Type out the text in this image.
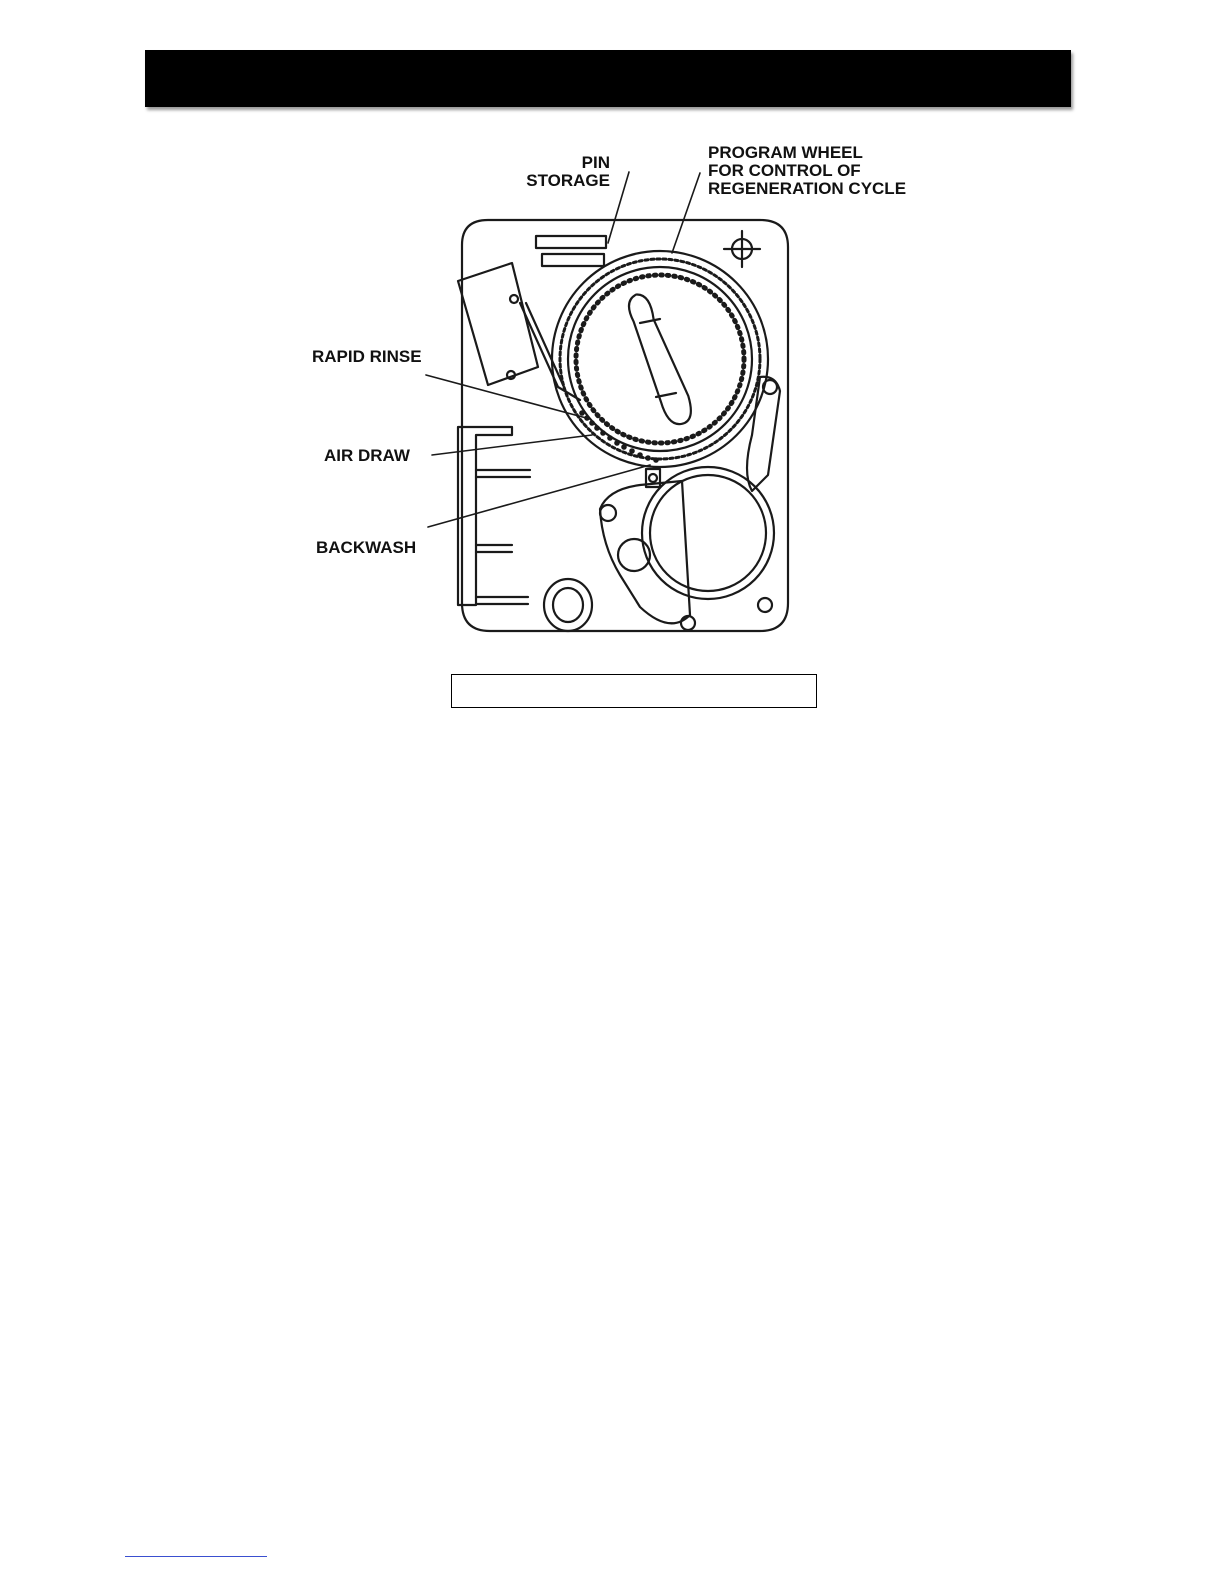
PIN
STORAGE
PROGRAM WHEEL
FOR CONTROL OF
REGENERATION CYCLE
RAPID RINSE
AIR DRAW
BACKWASH
